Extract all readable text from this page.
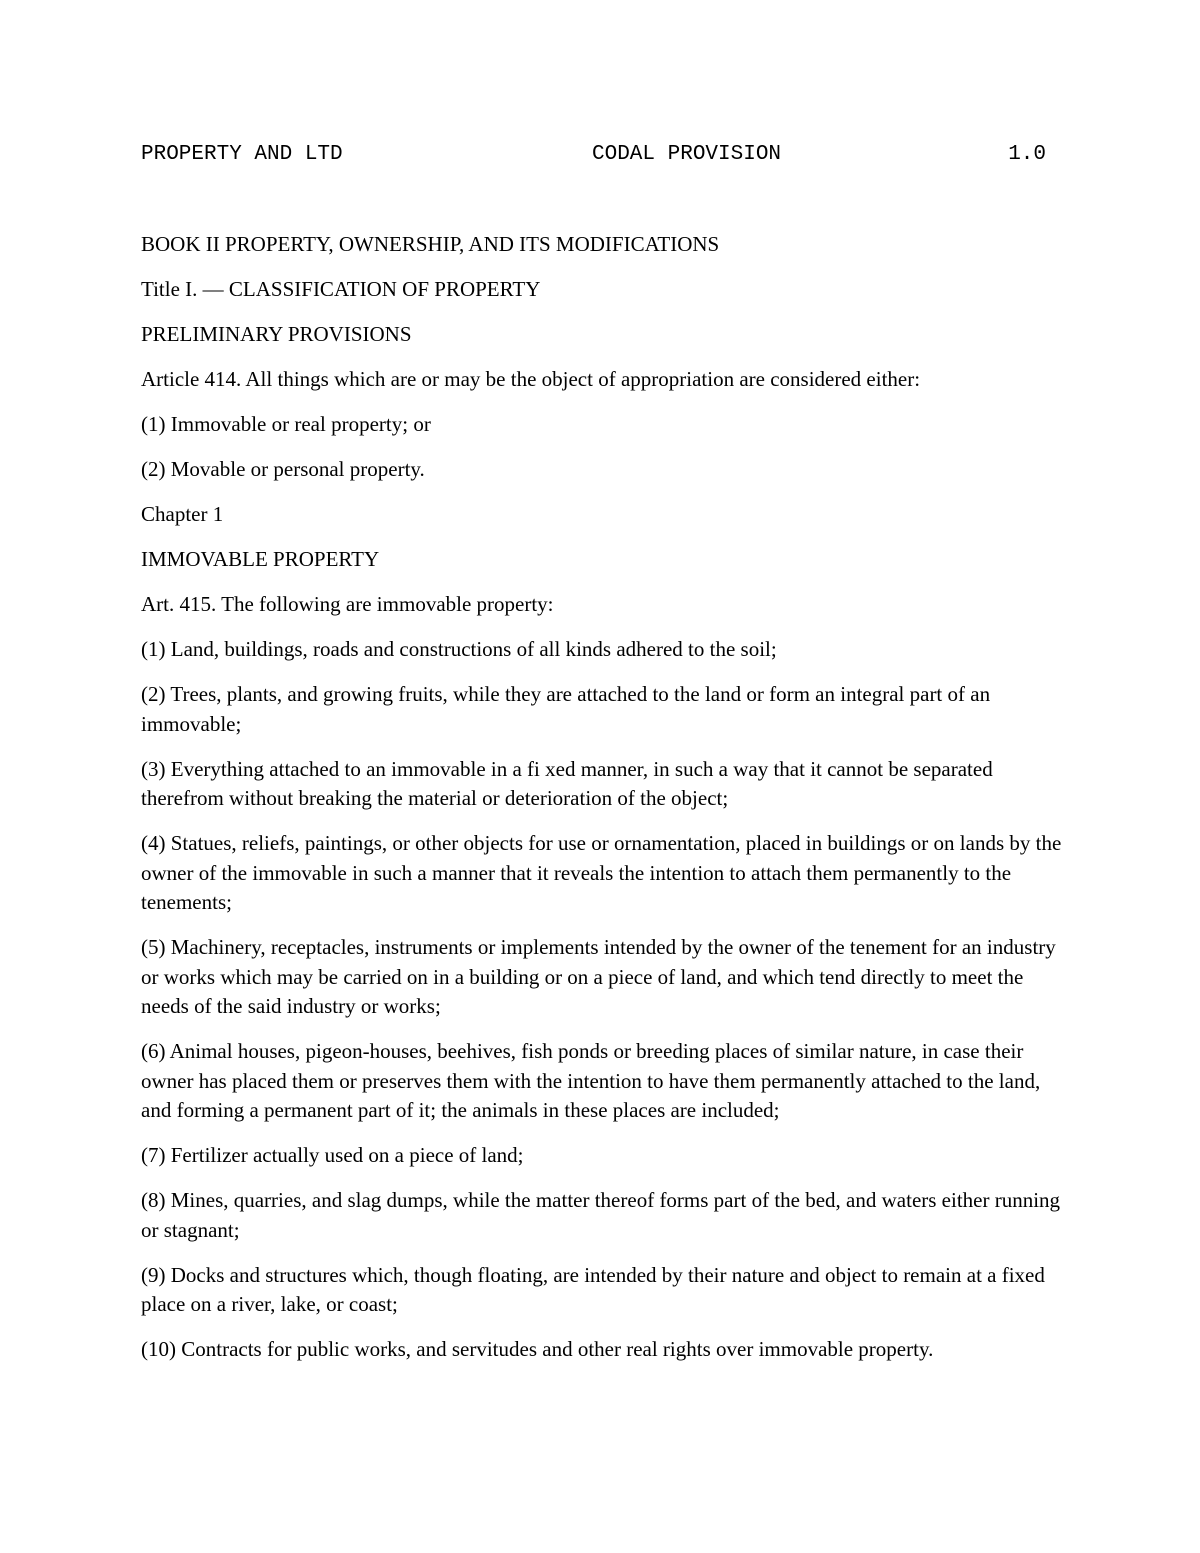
PROPERTY AND LTD	CODAL PROVISION	1.0

BOOK II PROPERTY, OWNERSHIP, AND ITS MODIFICATIONS

Title I. — CLASSIFICATION OF PROPERTY

PRELIMINARY PROVISIONS

Article 414. All things which are or may be the object of appropriation are considered either:

(1) Immovable or real property; or

(2) Movable or personal property.

Chapter 1

IMMOVABLE PROPERTY

Art. 415. The following are immovable property:

(1) Land, buildings, roads and constructions of all kinds adhered to the soil;

(2) Trees, plants, and growing fruits, while they are attached to the land or form an integral part of an immovable;

(3) Everything attached to an immovable in a fi xed manner, in such a way that it cannot be separated therefrom without breaking the material or deterioration of the object;

(4) Statues, reliefs, paintings, or other objects for use or ornamentation, placed in buildings or on lands by the owner of the immovable in such a manner that it reveals the intention to attach them permanently to the tenements;

(5) Machinery, receptacles, instruments or implements intended by the owner of the tenement for an industry or works which may be carried on in a building or on a piece of land, and which tend directly to meet the needs of the said industry or works;

(6) Animal houses, pigeon-houses, beehives, fish ponds or breeding places of similar nature, in case their owner has placed them or preserves them with the intention to have them permanently attached to the land, and forming a permanent part of it; the animals in these places are included;

(7) Fertilizer actually used on a piece of land;

(8) Mines, quarries, and slag dumps, while the matter thereof forms part of the bed, and waters either running or stagnant;

(9) Docks and structures which, though floating, are intended by their nature and object to remain at a fixed place on a river, lake, or coast;

(10) Contracts for public works, and servitudes and other real rights over immovable property.
